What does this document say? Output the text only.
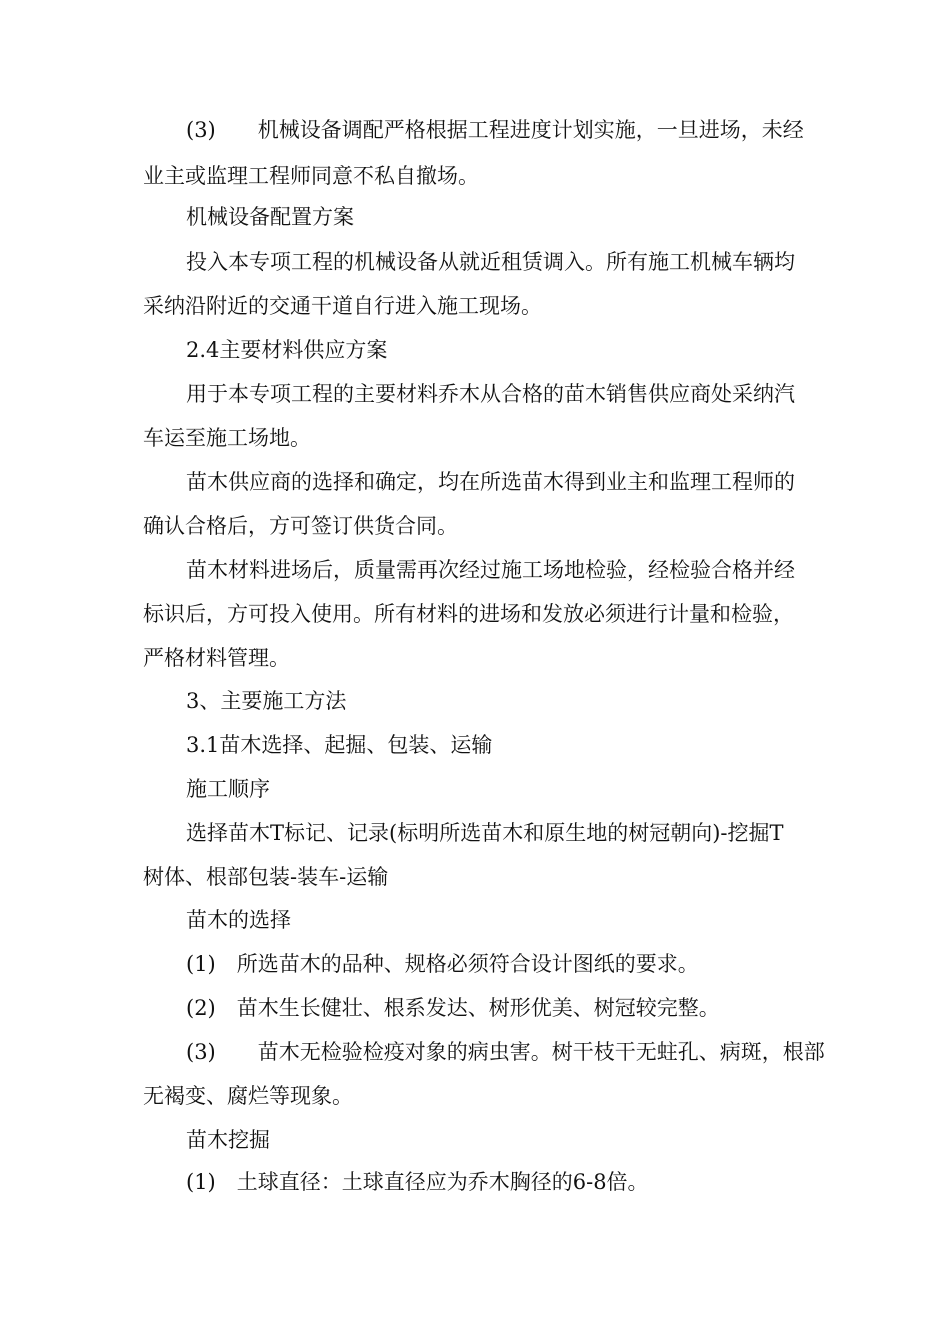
(3)　　机械设备调配严格根据工程进度计划实施，一旦进场，未经
业主或监理工程师同意不私自撤场。
机械设备配置方案
投入本专项工程的机械设备从就近租赁调入。所有施工机械车辆均
采纳沿附近的交通干道自行进入施工现场。
2.4主要材料供应方案
用于本专项工程的主要材料乔木从合格的苗木销售供应商处采纳汽
车运至施工场地。
苗木供应商的选择和确定，均在所选苗木得到业主和监理工程师的
确认合格后，方可签订供货合同。
苗木材料进场后，质量需再次经过施工场地检验，经检验合格并经
标识后，方可投入使用。所有材料的进场和发放必须进行计量和检验，
严格材料管理。
3、主要施工方法
3.1苗木选择、起掘、包装、运输
施工顺序
选择苗木T标记、记录(标明所选苗木和原生地的树冠朝向)-挖掘T
树体、根部包装-装车-运输
苗木的选择
(1)　所选苗木的品种、规格必须符合设计图纸的要求。
(2)　苗木生长健壮、根系发达、树形优美、树冠较完整。
(3)　　苗木无检验检疫对象的病虫害。树干枝干无蛀孔、病斑，根部
无褐变、腐烂等现象。
苗木挖掘
(1)　土球直径：土球直径应为乔木胸径的6-8倍。
